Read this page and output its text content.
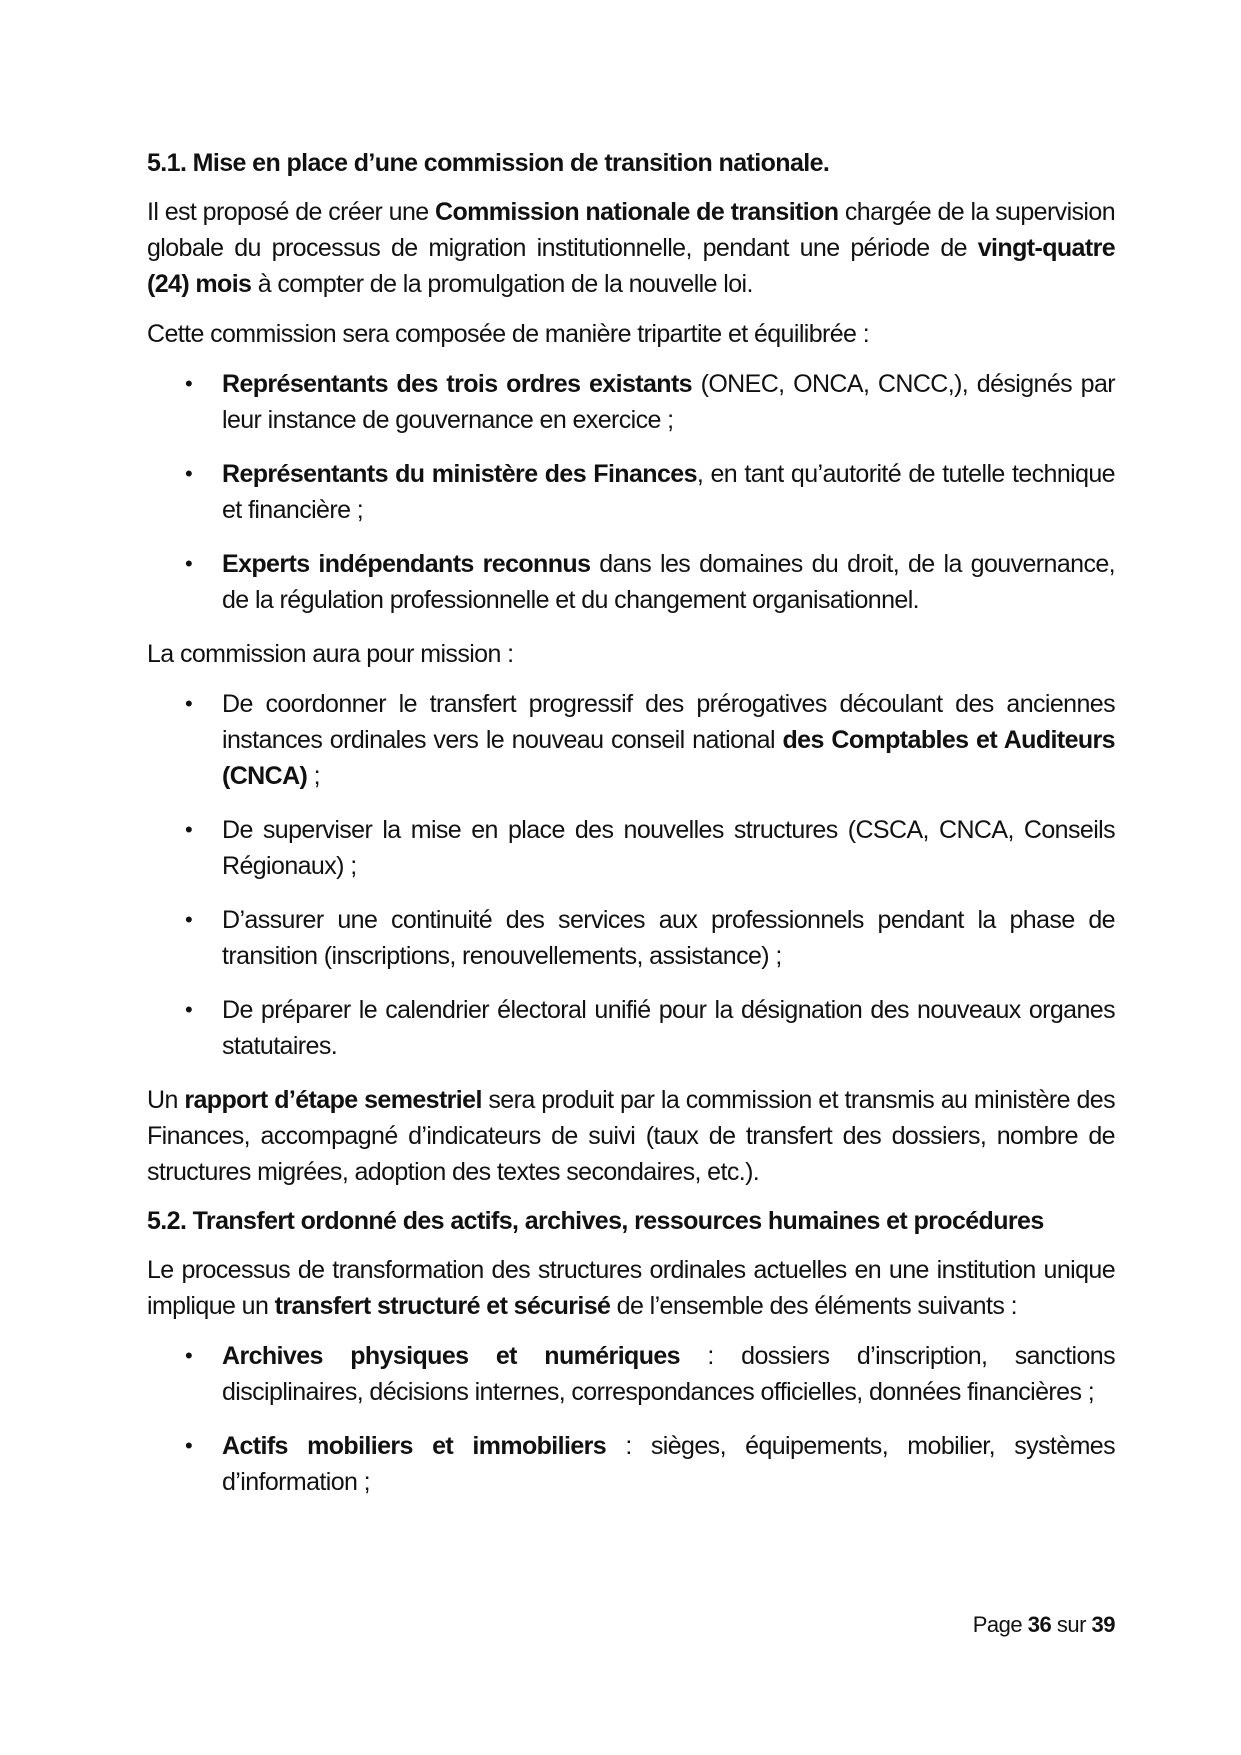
5.1. Mise en place d’une commission de transition nationale.

Il est proposé de créer une Commission nationale de transition chargée de la supervision globale du processus de migration institutionnelle, pendant une période de vingt-quatre (24) mois à compter de la promulgation de la nouvelle loi.

Cette commission sera composée de manière tripartite et équilibrée :

• Représentants des trois ordres existants (ONEC, ONCA, CNCC,), désignés par leur instance de gouvernance en exercice ;
• Représentants du ministère des Finances, en tant qu’autorité de tutelle technique et financière ;
• Experts indépendants reconnus dans les domaines du droit, de la gouvernance, de la régulation professionnelle et du changement organisationnel.

La commission aura pour mission :

• De coordonner le transfert progressif des prérogatives découlant des anciennes instances ordinales vers le nouveau conseil national des Comptables et Auditeurs (CNCA) ;
• De superviser la mise en place des nouvelles structures (CSCA, CNCA, Conseils Régionaux) ;
• D’assurer une continuité des services aux professionnels pendant la phase de transition (inscriptions, renouvellements, assistance) ;
• De préparer le calendrier électoral unifié pour la désignation des nouveaux organes statutaires.

Un rapport d’étape semestriel sera produit par la commission et transmis au ministère des Finances, accompagné d’indicateurs de suivi (taux de transfert des dossiers, nombre de structures migrées, adoption des textes secondaires, etc.).

5.2. Transfert ordonné des actifs, archives, ressources humaines et procédures

Le processus de transformation des structures ordinales actuelles en une institution unique implique un transfert structuré et sécurisé de l’ensemble des éléments suivants :

• Archives physiques et numériques : dossiers d’inscription, sanctions disciplinaires, décisions internes, correspondances officielles, données financières ;
• Actifs mobiliers et immobiliers : sièges, équipements, mobilier, systèmes d’information ;
Page 36 sur 39
